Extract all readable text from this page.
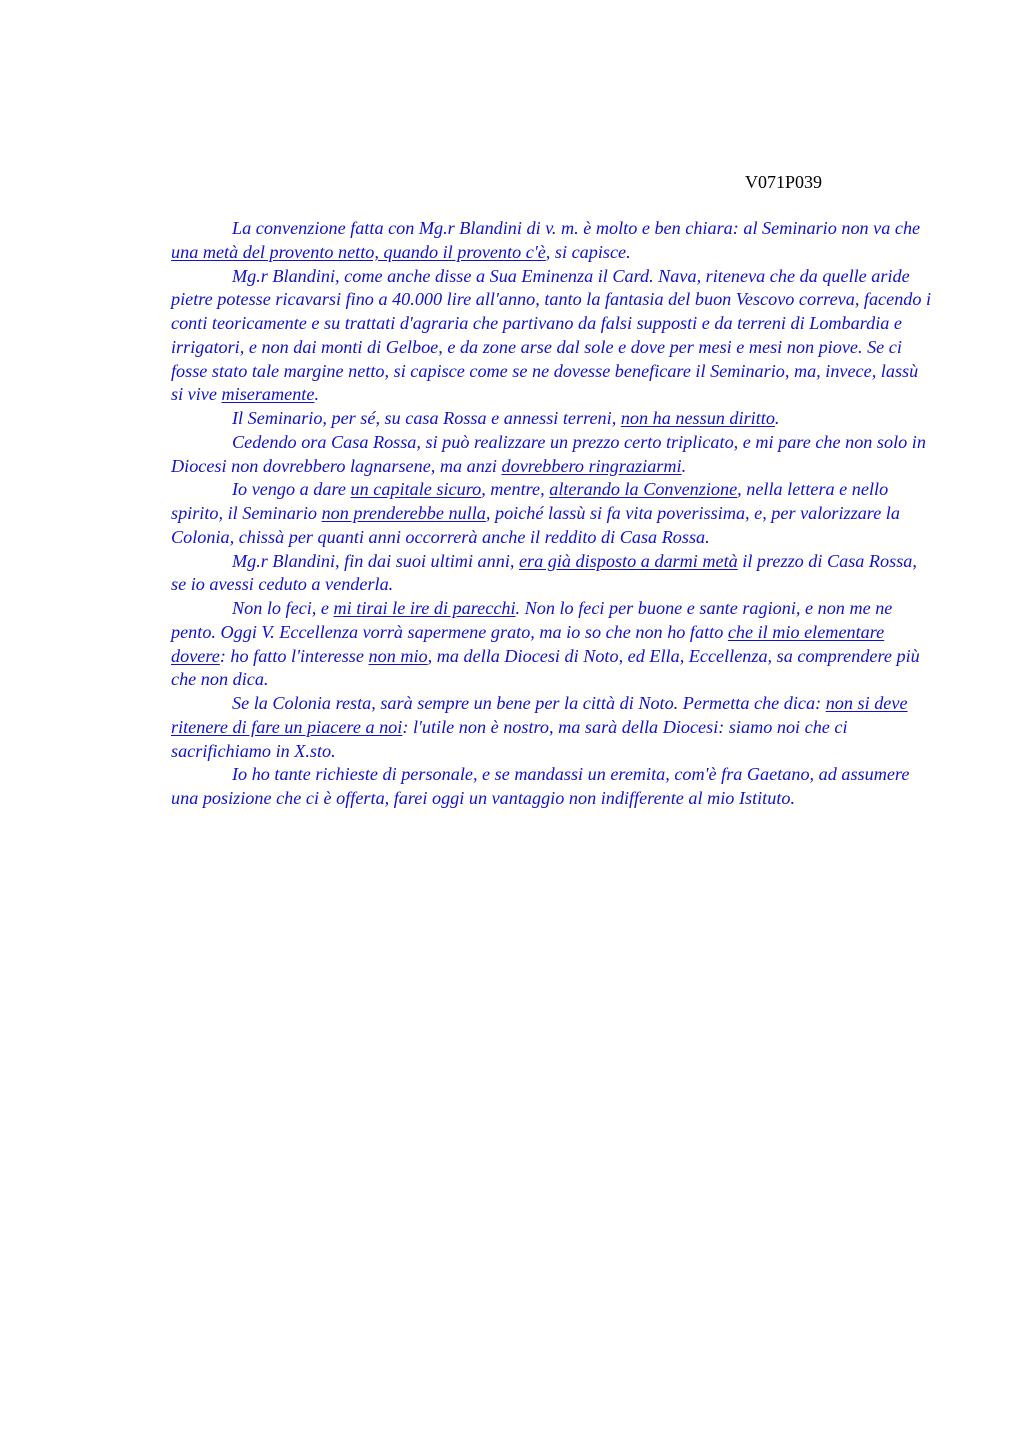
V071P039

La convenzione fatta con Mg.r Blandini di v. m. è molto e ben chiara: al Seminario non va che una metà del provento netto, quando il provento c'è, si capisce.

Mg.r Blandini, come anche disse a Sua Eminenza il Card. Nava, riteneva che da quelle aride pietre potesse ricavarsi fino a 40.000 lire all'anno, tanto la fantasia del buon Vescovo correva, facendo i conti teoricamente e su trattati d'agraria che partivano da falsi supposti e da terreni di Lombardia e irrigatori, e non dai monti di Gelboe, e da zone arse dal sole e dove per mesi e mesi non piove. Se ci fosse stato tale margine netto, si capisce come se ne dovesse beneficare il Seminario, ma, invece, lassù si vive miseramente.

Il Seminario, per sé, su casa Rossa e annessi terreni, non ha nessun diritto.

Cedendo ora Casa Rossa, si può realizzare un prezzo certo triplicato, e mi pare che non solo in Diocesi non dovrebbero lagnarsene, ma anzi dovrebbero ringraziarmi.

Io vengo a dare un capitale sicuro, mentre, alterando la Convenzione, nella lettera e nello spirito, il Seminario non prenderebbe nulla, poiché lassù si fa vita poverissima, e, per valorizzare la Colonia, chissà per quanti anni occorrerà anche il reddito di Casa Rossa.

Mg.r Blandini, fin dai suoi ultimi anni, era già disposto a darmi metà il prezzo di Casa Rossa, se io avessi ceduto a venderla.

Non lo feci, e mi tirai le ire di parecchi. Non lo feci per buone e sante ragioni, e non me ne pento. Oggi V. Eccellenza vorrà sapermene grato, ma io so che non ho fatto che il mio elementare dovere: ho fatto l'interesse non mio, ma della Diocesi di Noto, ed Ella, Eccellenza, sa comprendere più che non dica.

Se la Colonia resta, sarà sempre un bene per la città di Noto. Permetta che dica: non si deve ritenere di fare un piacere a noi: l'utile non è nostro, ma sarà della Diocesi: siamo noi che ci sacrifichiamo in X.sto.

Io ho tante richieste di personale, e se mandassi un eremita, com'è fra Gaetano, ad assumere una posizione che ci è offerta, farei oggi un vantaggio non indifferente al mio Istituto.
